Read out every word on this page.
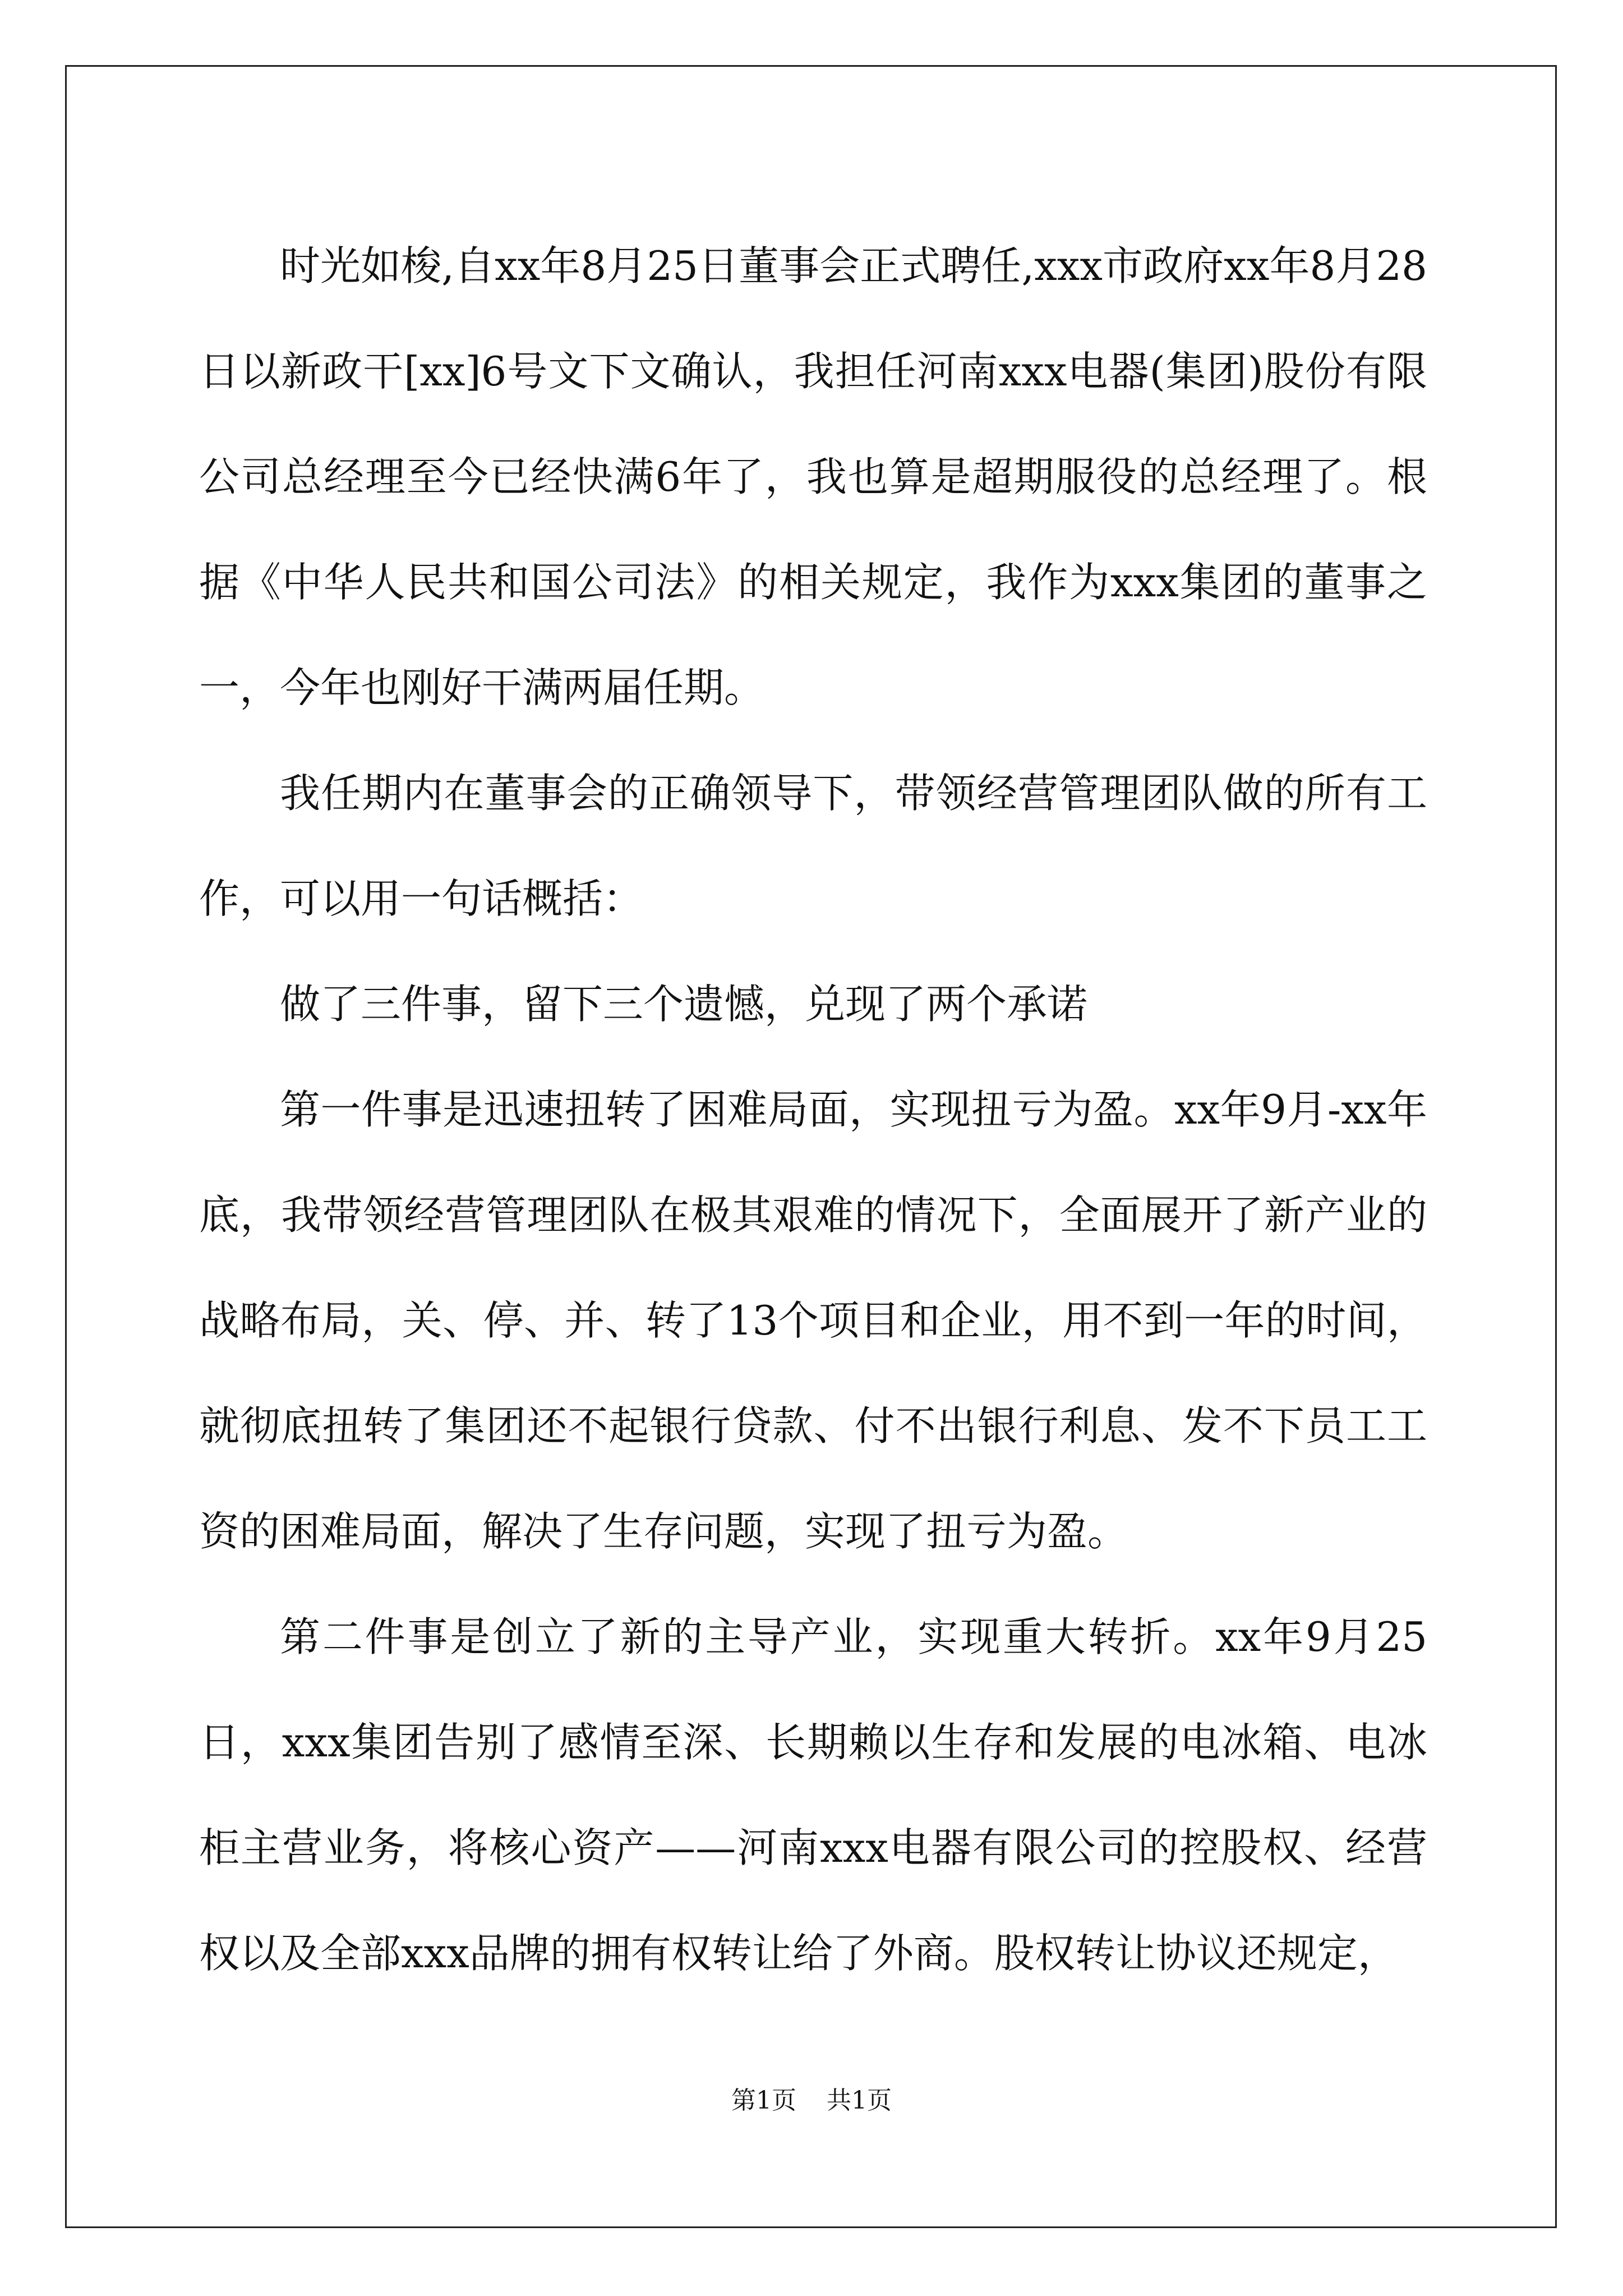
时光如梭,自xx年8月25日董事会正式聘任,xxx市政府xx年8月28日以新政干[xx]6号文下文确认，我担任河南xxx电器(集团)股份有限公司总经理至今已经快满6年了，我也算是超期服役的总经理了。根据《中华人民共和国公司法》的相关规定，我作为xxx集团的董事之一，今年也刚好干满两届任期。

我任期内在董事会的正确领导下，带领经营管理团队做的所有工作，可以用一句话概括：

做了三件事，留下三个遗憾，兑现了两个承诺

第一件事是迅速扭转了困难局面，实现扭亏为盈。xx年9月-xx年底，我带领经营管理团队在极其艰难的情况下，全面展开了新产业的战略布局，关、停、并、转了13个项目和企业，用不到一年的时间，就彻底扭转了集团还不起银行贷款、付不出银行利息、发不下员工工资的困难局面，解决了生存问题，实现了扭亏为盈。

第二件事是创立了新的主导产业，实现重大转折。xx年9月25日，xxx集团告别了感情至深、长期赖以生存和发展的电冰箱、电冰柜主营业务，将核心资产——河南xxx电器有限公司的控股权、经营权以及全部xxx品牌的拥有权转让给了外商。股权转让协议还规定，

第1页 共1页
